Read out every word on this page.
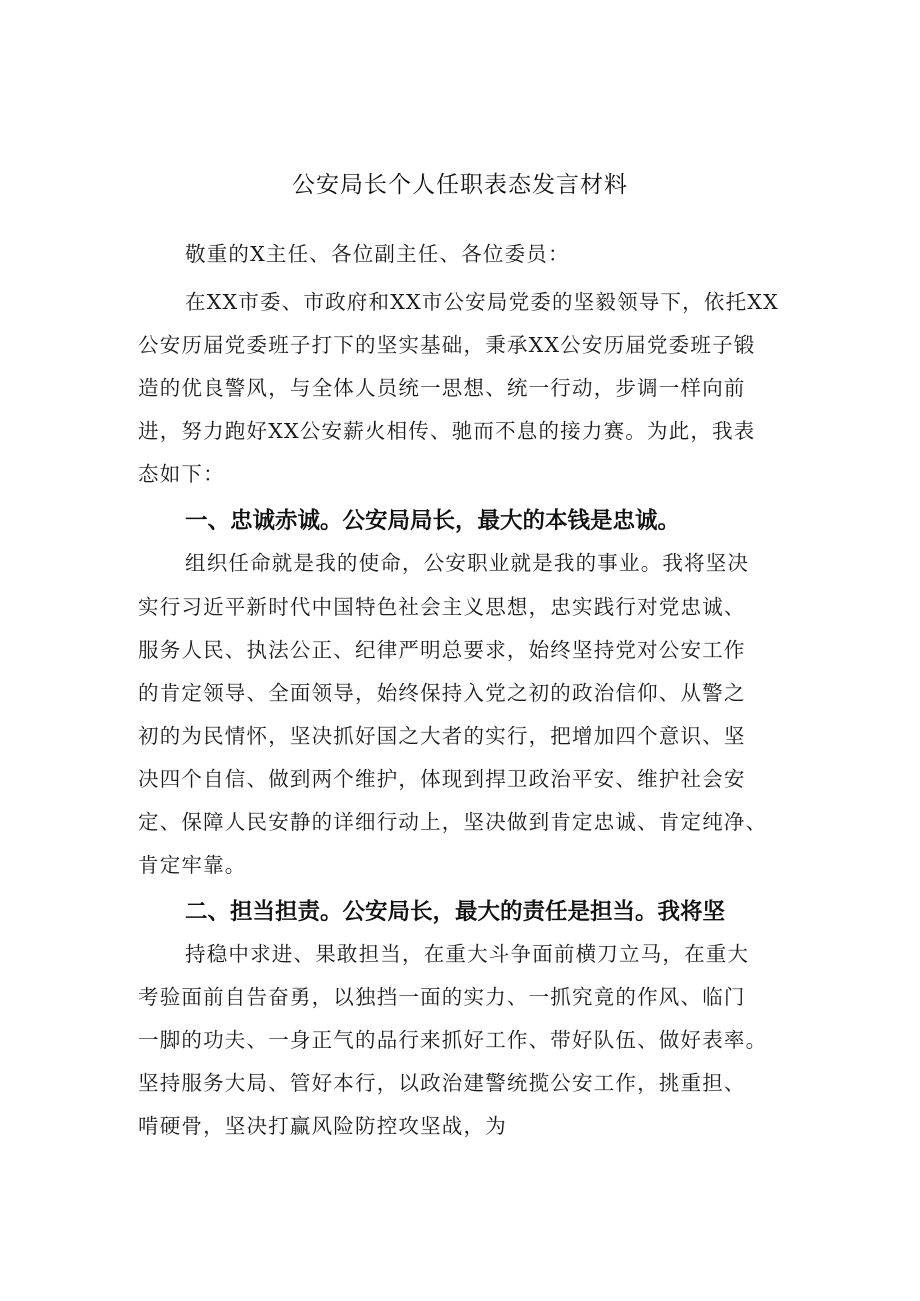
公安局长个人任职表态发言材料
敬重的X主任、各位副主任、各位委员：
在XX市委、市政府和XX市公安局党委的坚毅领导下，依托XX
公安历届党委班子打下的坚实基础，秉承XX公安历届党委班子锻
造的优良警风，与全体人员统一思想、统一行动，步调一样向前
进，努力跑好XX公安薪火相传、驰而不息的接力赛。为此，我表
态如下：
一、忠诚赤诚。公安局局长，最大的本钱是忠诚。
组织任命就是我的使命，公安职业就是我的事业。我将坚决
实行习近平新时代中国特色社会主义思想，忠实践行对党忠诚、
服务人民、执法公正、纪律严明总要求，始终坚持党对公安工作
的肯定领导、全面领导，始终保持入党之初的政治信仰、从警之
初的为民情怀，坚决抓好国之大者的实行，把增加四个意识、坚
决四个自信、做到两个维护，体现到捍卫政治平安、维护社会安
定、保障人民安静的详细行动上，坚决做到肯定忠诚、肯定纯净、
肯定牢靠。
二、担当担责。公安局长，最大的责任是担当。我将坚
持稳中求进、果敢担当，在重大斗争面前横刀立马，在重大
考验面前自告奋勇，以独挡一面的实力、一抓究竟的作风、临门
一脚的功夫、一身正气的品行来抓好工作、带好队伍、做好表率。
坚持服务大局、管好本行，以政治建警统揽公安工作，挑重担、
啃硬骨，坚决打赢风险防控攻坚战，为
